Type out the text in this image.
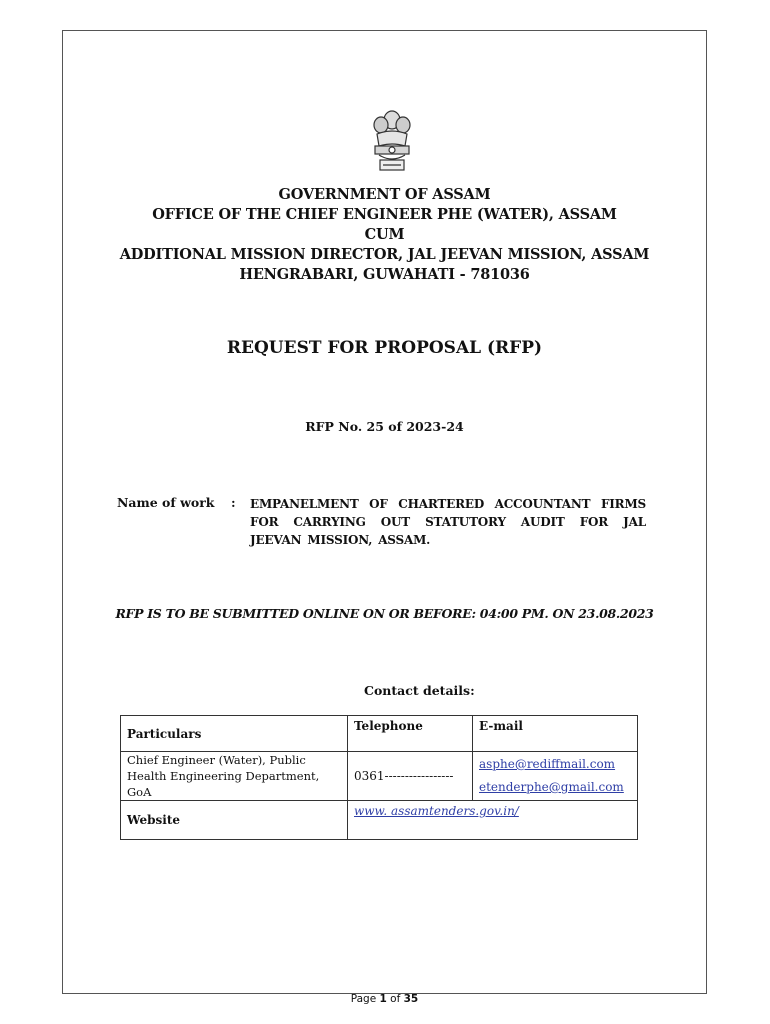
GOVERNMENT OF ASSAM
OFFICE OF THE CHIEF ENGINEER PHE (WATER), ASSAM
CUM
ADDITIONAL MISSION DIRECTOR, JAL JEEVAN MISSION, ASSAM
HENGRABARI, GUWAHATI - 781036
REQUEST FOR PROPOSAL (RFP)
RFP No. 25 of 2023-24
Name of work : EMPANELMENT OF CHARTERED ACCOUNTANT FIRMS FOR CARRYING OUT STATUTORY AUDIT FOR JAL JEEVAN MISSION, ASSAM.
RFP IS TO BE SUBMITTED ONLINE ON OR BEFORE: 04:00 PM. ON 23.08.2023
Contact details:
Particulars	Telephone	E-mail
Chief Engineer (Water), Public Health Engineering Department, GoA	0361-----------------	asphe@rediffmail.com
etenderphe@gmail.com

Website	www. assamtenders.gov.in/	
Page 1 of 35
